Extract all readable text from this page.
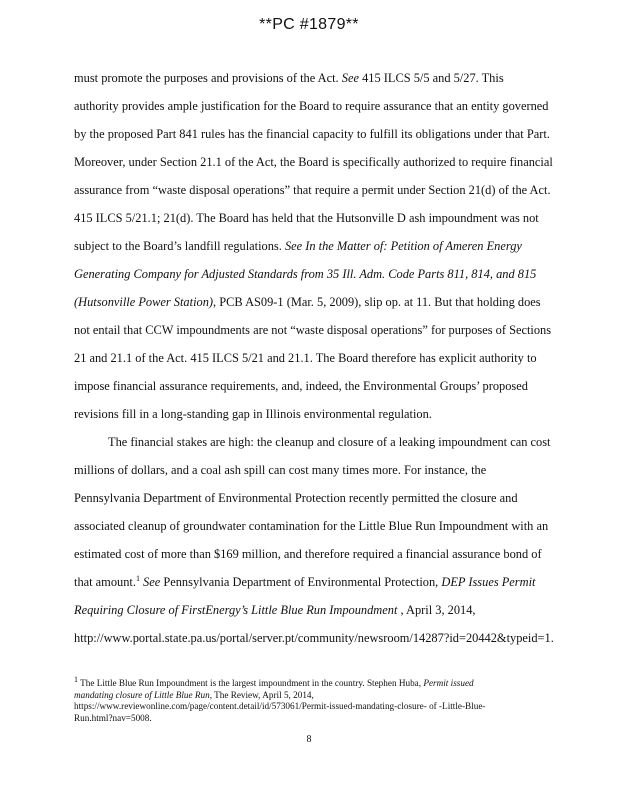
**PC #1879**
must promote the purposes and provisions of the Act. See 415 ILCS 5/5 and 5/27. This
authority provides ample justification for the Board to require assurance that an entity governed
by the proposed Part 841 rules has the financial capacity to fulfill its obligations under that Part.
Moreover, under Section 21.1 of the Act, the Board is specifically authorized to require financial
assurance from “waste disposal operations” that require a permit under Section 21(d) of the Act.
415 ILCS 5/21.1; 21(d). The Board has held that the Hutsonville D ash impoundment was not
subject to the Board’s landfill regulations. See In the Matter of: Petition of Ameren Energy
Generating Company for Adjusted Standards from 35 Ill. Adm. Code Parts 811, 814, and 815
(Hutsonville Power Station), PCB AS09-1 (Mar. 5, 2009), slip op. at 11. But that holding does
not entail that CCW impoundments are not “waste disposal operations” for purposes of Sections
21 and 21.1 of the Act. 415 ILCS 5/21 and 21.1. The Board therefore has explicit authority to
impose financial assurance requirements, and, indeed, the Environmental Groups’ proposed
revisions fill in a long-standing gap in Illinois environmental regulation.
The financial stakes are high: the cleanup and closure of a leaking impoundment can cost
millions of dollars, and a coal ash spill can cost many times more. For instance, the
Pennsylvania Department of Environmental Protection recently permitted the closure and
associated cleanup of groundwater contamination for the Little Blue Run Impoundment with an
estimated cost of more than $169 million, and therefore required a financial assurance bond of
that amount.$^1$ See Pennsylvania Department of Environmental Protection, DEP Issues Permit
Requiring Closure of FirstEnergy’s Little Blue Run Impoundment , April 3, 2014,
http://www.portal.state.pa.us/portal/server.pt/community/newsroom/14287?id=20442&typeid=1.
$^1$ The Little Blue Run Impoundment is the largest impoundment in the country. Stephen Huba, Permit issued
mandating closure of Little Blue Run, The Review, April 5, 2014,
https://www.reviewonline.com/page/content.detail/id/573061/Permit-issued-mandating-closure- of -Little-Blue-
Run.html?nav=5008.
8
